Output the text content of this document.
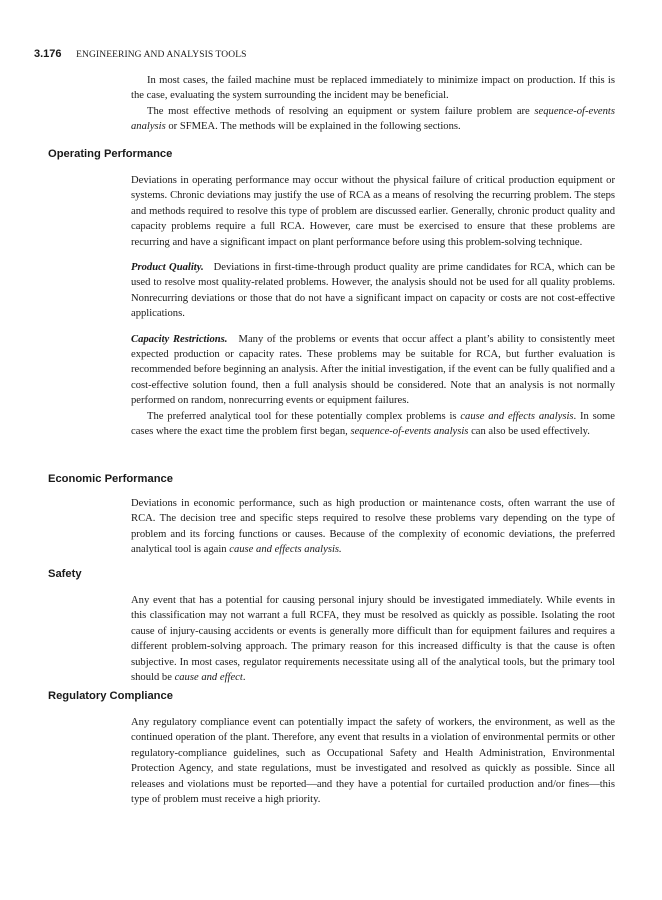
3.176 ENGINEERING AND ANALYSIS TOOLS

In most cases, the failed machine must be replaced immediately to minimize impact on production. If this is the case, evaluating the system surrounding the incident may be beneficial.

The most effective methods of resolving an equipment or system failure problem are sequence-of-events analysis or SFMEA. The methods will be explained in the following sections.

Operating Performance

Deviations in operating performance may occur without the physical failure of critical production equipment or systems. Chronic deviations may justify the use of RCA as a means of resolving the recurring problem. The steps and methods required to resolve this type of problem are discussed earlier. Generally, chronic product quality and capacity problems require a full RCA. However, care must be exercised to ensure that these problems are recurring and have a significant impact on plant performance before using this problem-solving technique.

Product Quality. Deviations in first-time-through product quality are prime candidates for RCA, which can be used to resolve most quality-related problems. However, the analysis should not be used for all quality problems. Nonrecurring deviations or those that do not have a significant impact on capacity or costs are not cost-effective applications.

Capacity Restrictions. Many of the problems or events that occur affect a plant’s ability to consistently meet expected production or capacity rates. These problems may be suitable for RCA, but further evaluation is recommended before beginning an analysis. After the initial investigation, if the event can be fully qualified and a cost-effective solution found, then a full analysis should be considered. Note that an analysis is not normally performed on random, nonrecurring events or equipment failures.

The preferred analytical tool for these potentially complex problems is cause and effects analysis. In some cases where the exact time the problem first began, sequence-of-events analysis can also be used effectively.

Economic Performance

Deviations in economic performance, such as high production or maintenance costs, often warrant the use of RCA. The decision tree and specific steps required to resolve these problems vary depending on the type of problem and its forcing functions or causes. Because of the complexity of economic deviations, the preferred analytical tool is again cause and effects analysis.

Safety

Any event that has a potential for causing personal injury should be investigated immediately. While events in this classification may not warrant a full RCFA, they must be resolved as quickly as possible. Isolating the root cause of injury-causing accidents or events is generally more difficult than for equipment failures and requires a different problem-solving approach. The primary reason for this increased difficulty is that the cause is often subjective. In most cases, regulator requirements necessitate using all of the analytical tools, but the primary tool should be cause and effect.

Regulatory Compliance

Any regulatory compliance event can potentially impact the safety of workers, the environment, as well as the continued operation of the plant. Therefore, any event that results in a violation of environmental permits or other regulatory-compliance guidelines, such as Occupational Safety and Health Administration, Environmental Protection Agency, and state regulations, must be investigated and resolved as quickly as possible. Since all releases and violations must be reported—and they have a potential for curtailed production and/or fines—this type of problem must receive a high priority.
